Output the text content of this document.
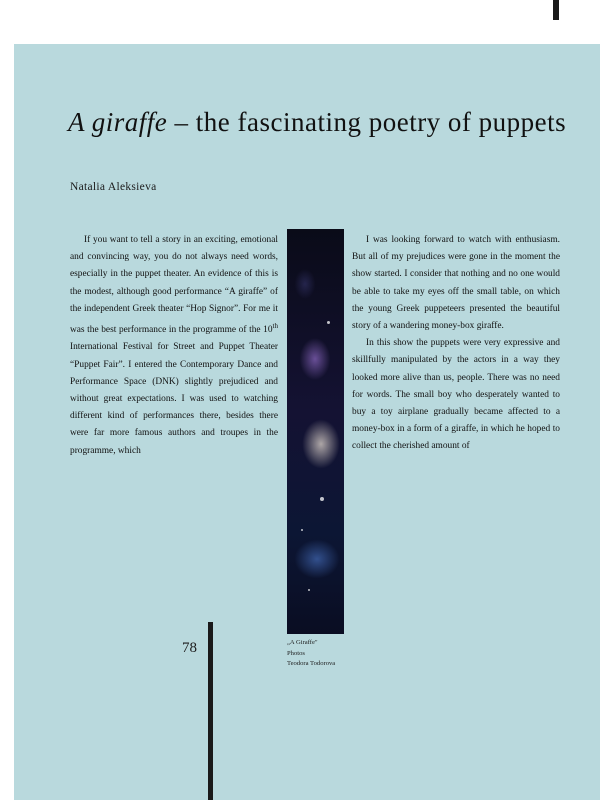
A giraffe – the fascinating poetry of puppets
Natalia Aleksieva

If you want to tell a story in an exciting, emotional and convincing way, you do not always need words, especially in the puppet theater. An evidence of this is the modest, although good performance “A giraffe” of the independent Greek theater “Hop Signor”. For me it was the best performance in the programme of the 10th International Festival for Street and Puppet Theater “Puppet Fair”. I entered the Contemporary Dance and Performance Space (DNK) slightly prejudiced and without great expectations. I was used to watching different kind of performances there, besides there were far more famous authors and troupes in the programme, which

„A Giraffe"
Photos
Teodora Todorova

I was looking forward to watch with enthusiasm. But all of my prejudices were gone in the moment the show started. I consider that nothing and no one would be able to take my eyes off the small table, on which the young Greek puppeteers presented the beautiful story of a wandering money-box giraffe.

In this show the puppets were very expressive and skillfully manipulated by the actors in a way they looked more alive than us, people. There was no need for words. The small boy who desperately wanted to buy a toy airplane gradually became affected to a money-box in a form of a giraffe, in which he hoped to collect the cherished amount of

78
